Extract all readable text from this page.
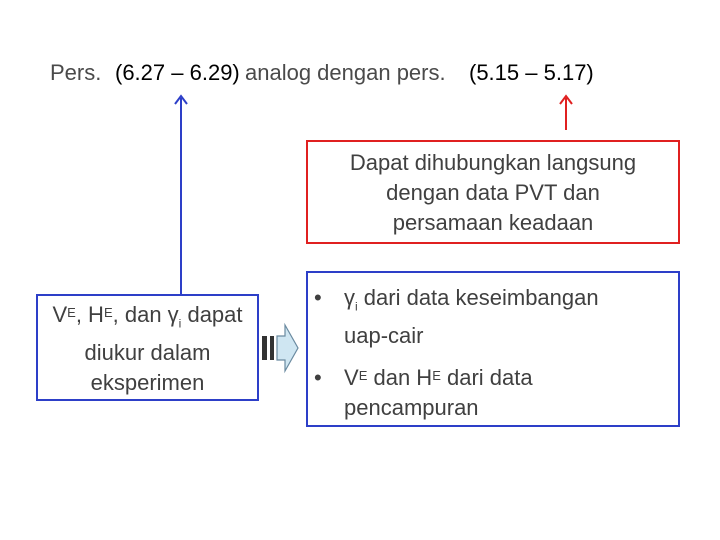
Pers.	analog dengan pers.
(6.27 – 6.29)	(5.15 – 5.17)
Dapat dihubungkan langsung
dengan data PVT dan
persamaan keadaan
$V^E$, $H^E$, dan $\gamma_i$ dapat
diukur dalam
eksperimen
•	$\gamma_i$ dari data keseimbangan
uap-cair
•	$V^E$ dan $H^E$ dari data
pencampuran
